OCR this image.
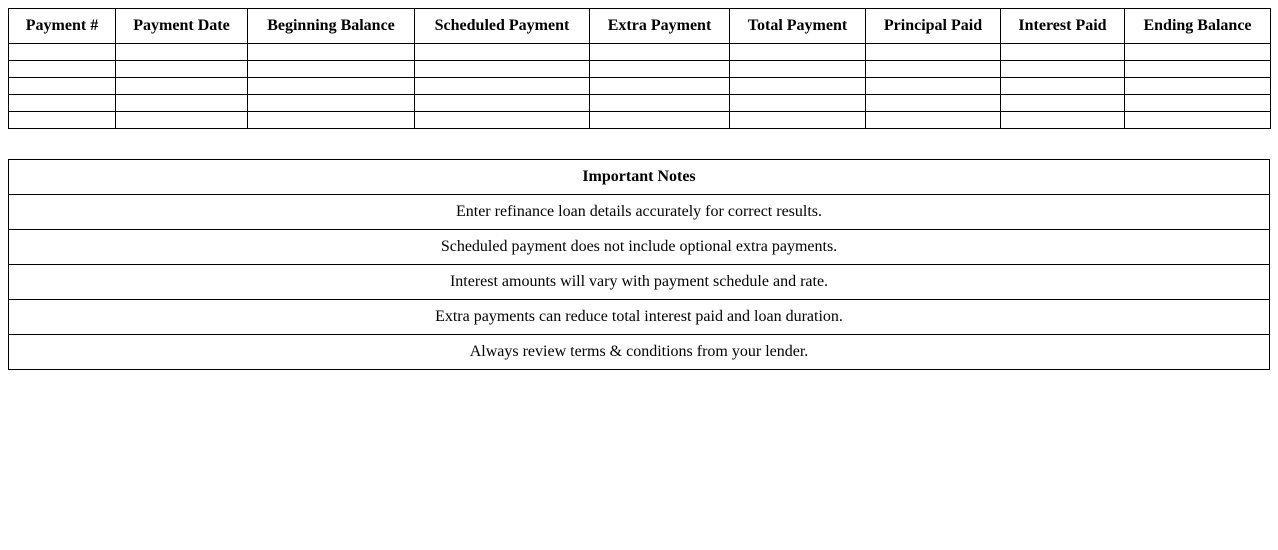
Payment #	Payment Date	Beginning Balance	Scheduled Payment	Extra Payment	Total Payment	Principal Paid	Interest Paid	Ending Balance

Important Notes
Enter refinance loan details accurately for correct results.
Scheduled payment does not include optional extra payments.
Interest amounts will vary with payment schedule and rate.
Extra payments can reduce total interest paid and loan duration.
Always review terms & conditions from your lender.
